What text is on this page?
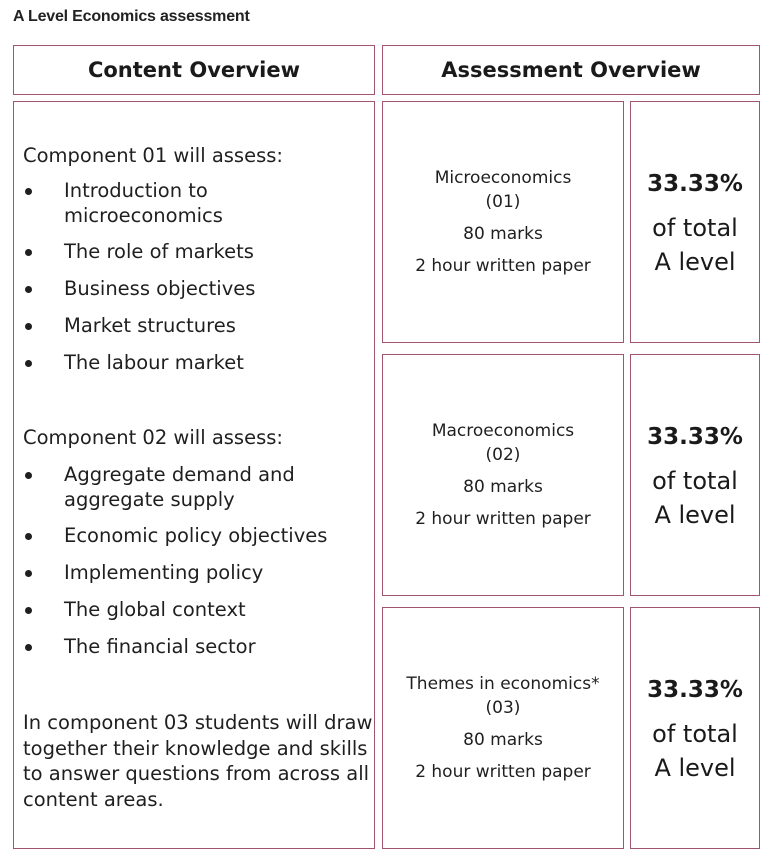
A Level Economics assessment
Content Overview	Assessment Overview
Component 01 will assess:
Introduction to microeconomics
The role of markets
Business objectives
Market structures
The labour market
Component 02 will assess:
Aggregate demand and aggregate supply
Economic policy objectives
Implementing policy
The global context
The financial sector
In component 03 students will draw together their knowledge and skills to answer questions from across all content areas.
Microeconomics
(01)
80 marks
2 hour written paper
33.33%
of total
A level
Macroeconomics
(02)
80 marks
2 hour written paper
33.33%
of total
A level
Themes in economics*
(03)
80 marks
2 hour written paper
33.33%
of total
A level
